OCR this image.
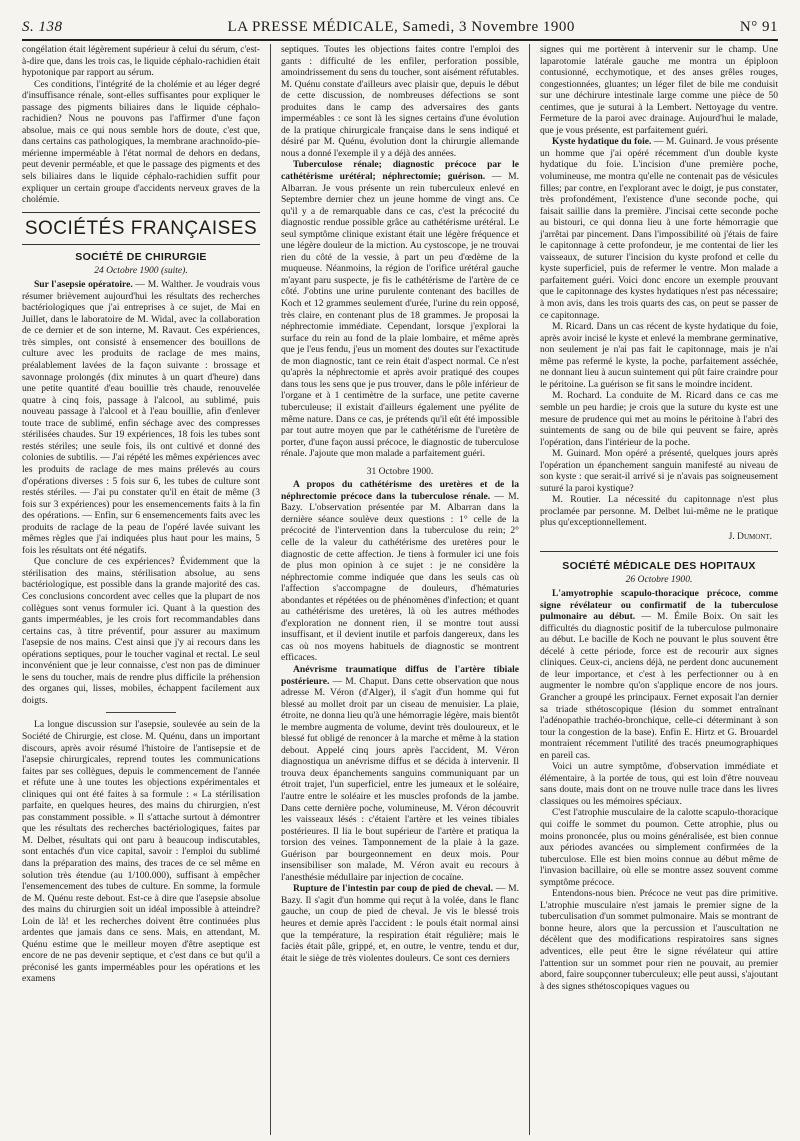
S. 138	LA PRESSE MÉDICALE, Samedi, 3 Novembre 1900	N° 91

congélation était légèrement supérieur à celui du sérum, c'est-à-dire que, dans les trois cas, le liquide céphalo-rachidien était hypotonique par rapport au sérum.

Ces conditions, l'intégrité de la cholémie et au léger degré d'insuffisance rénale, sont-elles suffisantes pour expliquer le passage des pigments biliaires dans le liquide céphalo-rachidien? Nous ne pouvons pas l'affirmer d'une façon absolue, mais ce qui nous semble hors de doute, c'est que, dans certains cas pathologiques, la membrane arachnoïdo-pie-mérienne imperméable à l'état normal de dehors en dedans, peut devenir perméable, et que le passage des pigments et des sels biliaires dans le liquide céphalo-rachidien suffit pour expliquer un certain groupe d'accidents nerveux graves de la cholémie.

SOCIÉTÉS FRANÇAISES
SOCIÉTÉ DE CHIRURGIE
24 Octobre 1900 (suite).

Sur l'asepsie opératoire. — M. Walther. Je voudrais vous résumer brièvement aujourd'hui les résultats des recherches bactériologiques que j'ai entreprises à ce sujet, de Mai en Juillet, dans le laboratoire de M. Widal, avec la collaboration de ce dernier et de son interne, M. Ravaut. Ces expériences, très simples, ont consisté à ensemencer des bouillons de culture avec les produits de raclage de mes mains, préalablement lavées de la façon suivante : brossage et savonnage prolongés (dix minutes à un quart d'heure) dans une petite quantité d'eau bouillie très chaude, renouvelée quatre à cinq fois, passage à l'alcool, au sublimé, puis nouveau passage à l'alcool et à l'eau bouillie, afin d'enlever toute trace de sublimé, enfin séchage avec des compresses stérilisées chaudes. Sur 19 expériences, 18 fois les tubes sont restés stériles; une seule fois, ils ont cultivé et donné des colonies de subtilis. — J'ai répété les mêmes expériences avec les produits de raclage de mes mains prélevés au cours d'opérations diverses : 5 fois sur 6, les tubes de culture sont restés stériles. — J'ai pu constater qu'il en était de même (3 fois sur 3 expériences) pour les ensemencements faits à la fin des opérations. — Enfin, sur 6 ensemencements faits avec les produits de raclage de la peau de l'opéré lavée suivant les mêmes règles que j'ai indiquées plus haut pour les mains, 5 fois les résultats ont été négatifs.

Que conclure de ces expériences? Évidemment que la stérilisation des mains, stérilisation absolue, au sens bactériologique, est possible dans la grande majorité des cas. Ces conclusions concordent avec celles que la plupart de nos collègues sont venus formuler ici. Quant à la question des gants imperméables, je les crois fort recommandables dans certains cas, à titre préventif, pour assurer au maximum l'asepsie de nos mains. C'est ainsi que j'y ai recours dans les opérations septiques, pour le toucher vaginal et rectal. Le seul inconvénient que je leur connaisse, c'est non pas de diminuer le sens du toucher, mais de rendre plus difficile la préhension des organes qui, lisses, mobiles, échappent facilement aux doigts.

La longue discussion sur l'asepsie, soulevée au sein de la Société de Chirurgie, est close. M. Quénu, dans un important discours, après avoir résumé l'histoire de l'antisepsie et de l'asepsie chirurgicales, reprend toutes les communications faites par ses collègues, depuis le commencement de l'année et réfute une à une toutes les objections expérimentales et cliniques qui ont été faites à sa formule : « La stérilisation parfaite, en quelques heures, des mains du chirurgien, n'est pas constamment possible. » Il s'attache surtout à démontrer que les résultats des recherches bactériologiques, faites par M. Delbet, résultats qui ont paru à beaucoup indiscutables, sont entachés d'un vice capital, savoir : l'emploi du sublimé dans la préparation des mains, des traces de ce sel même en solution très étendue (au 1/100.000), suffisant à empêcher l'ensemencement des tubes de culture. En somme, la formule de M. Quénu reste debout. Est-ce à dire que l'asepsie absolue des mains du chirurgien soit un idéal impossible à atteindre? Loin de là! et les recherches doivent être continuées plus ardentes que jamais dans ce sens. Mais, en attendant, M. Quénu estime que le meilleur moyen d'être aseptique est encore de ne pas devenir septique, et c'est dans ce but qu'il a préconisé les gants imperméables pour les opérations et les examens

septiques. Toutes les objections faites contre l'emploi des gants : difficulté de les enfiler, perforation possible, amoindrissement du sens du toucher, sont aisément réfutables. M. Quénu constate d'ailleurs avec plaisir que, depuis le début de cette discussion, de nombreuses défections se sont produites dans le camp des adversaires des gants imperméables : ce sont là les signes certains d'une évolution de la pratique chirurgicale française dans le sens indiqué et désiré par M. Quénu, évolution dont la chirurgie allemande nous a donné l'exemple il y a déjà des années.

Tuberculose rénale; diagnostic précoce par le cathétérisme urétéral; néphrectomie; guérison. — M. Albarran. Je vous présente un rein tuberculeux enlevé en Septembre dernier chez un jeune homme de vingt ans. Ce qu'il y a de remarquable dans ce cas, c'est la précocité du diagnostic rendue possible grâce au cathétérisme urétéral. Le seul symptôme clinique existant était une légère fréquence et une légère douleur de la miction. Au cystoscope, je ne trouvai rien du côté de la vessie, à part un peu d'œdème de la muqueuse. Néanmoins, la région de l'orifice urétéral gauche m'ayant paru suspecte, je fis le cathétérisme de l'artère de ce côté. J'obtins une urine purulente contenant des bacilles de Koch et 12 grammes seulement d'urée, l'urine du rein opposé, très claire, en contenant plus de 18 grammes. Je proposai la néphrectomie immédiate. Cependant, lorsque j'explorai la surface du rein au fond de la plaie lombaire, et même après que je l'eus fendu, j'eus un moment des doutes sur l'exactitude de mon diagnostic, tant ce rein était d'aspect normal. Ce n'est qu'après la néphrectomie et après avoir pratiqué des coupes dans tous les sens que je pus trouver, dans le pôle inférieur de l'organe et à 1 centimètre de la surface, une petite caverne tuberculeuse; il existait d'ailleurs également une pyélite de même nature. Dans ce cas, je prétends qu'il eût été impossible par tout autre moyen que par le cathétérisme de l'uretère de porter, d'une façon aussi précoce, le diagnostic de tuberculose rénale. J'ajoute que mon malade a parfaitement guéri.

31 Octobre 1900.

A propos du cathétérisme des uretères et de la néphrectomie précoce dans la tuberculose rénale. — M. Bazy. L'observation présentée par M. Albarran dans la dernière séance soulève deux questions : 1° celle de la précocité de l'intervention dans la tuberculose du rein; 2° celle de la valeur du cathétérisme des uretères pour le diagnostic de cette affection. Je tiens à formuler ici une fois de plus mon opinion à ce sujet : je ne considère la néphrectomie comme indiquée que dans les seuls cas où l'affection s'accompagne de douleurs, d'hématuries abondantes et répétées ou de phénomènes d'infection; et quant au cathétérisme des uretères, là où les autres méthodes d'exploration ne donnent rien, il se montre tout aussi insuffisant, et il devient inutile et parfois dangereux, dans les cas où nos moyens habituels de diagnostic se montrent efficaces.

Anévrisme traumatique diffus de l'artère tibiale postérieure. — M. Chaput. Dans cette observation que nous adresse M. Véron (d'Alger), il s'agit d'un homme qui fut blessé au mollet droit par un ciseau de menuisier. La plaie, étroite, ne donna lieu qu'à une hémorragie légère, mais bientôt le membre augmenta de volume, devint très douloureux, et le blessé fut obligé de renoncer à la marche et même à la station debout. Appelé cinq jours après l'accident, M. Véron diagnostiqua un anévrisme diffus et se décida à intervenir. Il trouva deux épanchements sanguins communiquant par un étroit trajet, l'un superficiel, entre les jumeaux et le soléaire, l'autre entre le soléaire et les muscles profonds de la jambe. Dans cette dernière poche, volumineuse, M. Véron découvrit les vaisseaux lésés : c'étaient l'artère et les veines tibiales postérieures. Il lia le bout supérieur de l'artère et pratiqua la torsion des veines. Tamponnement de la plaie à la gaze. Guérison par bourgeonnement en deux mois. Pour insensibiliser son malade, M. Véron avait eu recours à l'anesthésie médullaire par injection de cocaïne.

Rupture de l'intestin par coup de pied de cheval. — M. Bazy. Il s'agit d'un homme qui reçut à la volée, dans le flanc gauche, un coup de pied de cheval. Je vis le blessé trois heures et demie après l'accident : le pouls était normal ainsi que la température, la respiration était régulière; mais le faciès était pâle, grippé, et, en outre, le ventre, tendu et dur, était le siège de très violentes douleurs. Ce sont ces derniers

signes qui me portèrent à intervenir sur le champ. Une laparotomie latérale gauche me montra un épiploon contusionné, ecchymotique, et des anses grêles rouges, congestionnées, gluantes; un léger filet de bile me conduisit sur une déchirure intestinale large comme une pièce de 50 centimes, que je suturai à la Lembert. Nettoyage du ventre. Fermeture de la paroi avec drainage. Aujourd'hui le malade, que je vous présente, est parfaitement guéri.

Kyste hydatique du foie. — M. Guinard. Je vous présente un homme que j'ai opéré récemment d'un double kyste hydatique du foie. L'incision d'une première poche, volumineuse, me montra qu'elle ne contenait pas de vésicules filles; par contre, en l'explorant avec le doigt, je pus constater, très profondément, l'existence d'une seconde poche, qui faisait saillie dans la première. J'incisai cette seconde poche au bistouri, ce qui donna lieu à une forte hémorragie que j'arrêtai par pincement. Dans l'impossibilité où j'étais de faire le capitonnage à cette profondeur, je me contentai de lier les vaisseaux, de suturer l'incision du kyste profond et celle du kyste superficiel, puis de refermer le ventre. Mon malade a parfaitement guéri. Voici donc encore un exemple prouvant que le capitonnage des kystes hydatiques n'est pas nécessaire; à mon avis, dans les trois quarts des cas, on peut se passer de ce capitonnage.

M. Ricard. Dans un cas récent de kyste hydatique du foie, après avoir incisé le kyste et enlevé la membrane germinative, non seulement je n'ai pas fait le capitonnage, mais je n'ai même pas refermé le kyste, la poche, parfaitement asséchée, ne donnant lieu à aucun suintement qui pût faire craindre pour le péritoine. La guérison se fit sans le moindre incident.

M. Rochard. La conduite de M. Ricard dans ce cas me semble un peu hardie; je crois que la suture du kyste est une mesure de prudence qui met au moins le péritoine à l'abri des suintements de sang ou de bile qui peuvent se faire, après l'opération, dans l'intérieur de la poche.

M. Guinard. Mon opéré a présenté, quelques jours après l'opération un épanchement sanguin manifesté au niveau de son kyste : que serait-il arrivé si je n'avais pas soigneusement suturé la paroi kystique?

M. Routier. La nécessité du capitonnage n'est plus proclamée par personne. M. Delbet lui-même ne le pratique plus qu'exceptionnellement.

J. Dumont.
SOCIÉTÉ MÉDICALE DES HOPITAUX
26 Octobre 1900.

L'amyotrophie scapulo-thoracique précoce, comme signe révélateur ou confirmatif de la tuberculose pulmonaire au début. — M. Émile Boix. On sait les difficultés du diagnostic positif de la tuberculose pulmonaire au début. Le bacille de Koch ne pouvant le plus souvent être décelé à cette période, force est de recourir aux signes cliniques. Ceux-ci, anciens déjà, ne perdent donc aucunement de leur importance, et c'est à les perfectionner ou à en augmenter le nombre qu'on s'applique encore de nos jours. Grancher a groupé les principaux. Fernet exposait l'an dernier sa triade sthétoscopique (lésion du sommet entraînant l'adénopathie trachéo-bronchique, celle-ci déterminant à son tour la congestion de la base). Enfin E. Hirtz et G. Brouardel montraient récemment l'utilité des tracés pneumographiques en pareil cas.

Voici un autre symptôme, d'observation immédiate et élémentaire, à la portée de tous, qui est loin d'être nouveau sans doute, mais dont on ne trouve nulle trace dans les livres classiques ou les mémoires spéciaux.

C'est l'atrophie musculaire de la calotte scapulo-thoracique qui coiffe le sommet du poumon. Cette atrophie, plus ou moins prononcée, plus ou moins généralisée, est bien connue aux périodes avancées ou simplement confirmées de la tuberculose. Elle est bien moins connue au début même de l'invasion bacillaire, où elle se montre assez souvent comme symptôme précoce.

Entendons-nous bien. Précoce ne veut pas dire primitive. L'atrophie musculaire n'est jamais le premier signe de la tuberculisation d'un sommet pulmonaire. Mais se montrant de bonne heure, alors que la percussion et l'auscultation ne décèlent que des modifications respiratoires sans signes adventices, elle peut être le signe révélateur qui attire l'attention sur un sommet pour rien ne pouvait, au premier abord, faire soupçonner tuberculeux; elle peut aussi, s'ajoutant à des signes sthétoscopiques vagues ou
